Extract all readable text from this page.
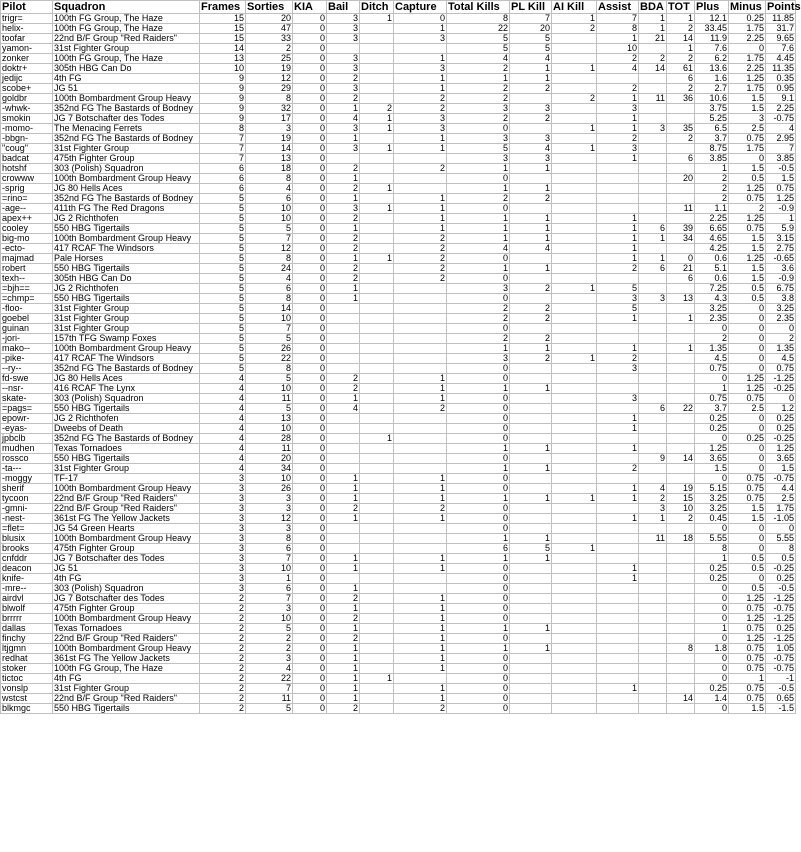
Pilot	Squadron	Frames	Sorties	KIA	Bail	Ditch	Capture	Total Kills	PL Kill	AI Kill	Assist	BDA	TOT	Plus	Minus	Points
trigr=	100th FG Group, The Haze	15	20	0	3	1	0	8	7	1	7	1	1	12.1	0.25	11.85
helix-	100th FG Group, The Haze	15	47	0	3		1	22	20	2	8	1	2	33.45	1.75	31.7
toofar	22nd B/F Group "Red Raiders"	15	33	0	3		3	5	5		1	21	14	11.9	2.25	9.65
yamon-	31st Fighter Group	14	2	0				5	5		10		1	7.6	0	7.6
zonker	100th FG Group, The Haze	13	25	0	3		1	4	4		2	2	2	6.2	1.75	4.45
doktr+	305th HBG Can Do	10	19	0	3		3	2	1	1	4	14	61	13.6	2.25	11.35
jedijc	4th FG	9	12	0	2		1	1	1				6	1.6	1.25	0.35
scobe+	JG 51	9	29	0	3		1	2	2		2		2	2.7	1.75	0.95
goldbr	100th Bombardment Group Heavy	9	8	0	2		2	2		2	1	11	36	10.6	1.5	9.1
-whwk-	352nd FG The Bastards of Bodney	9	32	0	1	2	2	3	3		3			3.75	1.5	2.25
smokin	JG 7 Botschafter des Todes	9	17	0	4	1	3	2	2		1			5.25	3	-0.75
-momo-	The Menacing Ferrets	8	3	0	3	1	3	0		1	1	3	35	6.5	2.5	4
-bbgn-	352nd FG The Bastards of Bodney	7	19	0	1		1	3	3		2		2	3.7	0.75	2.95
"coug"	31st Fighter Group	7	14	0	3	1	1	5	4	1	3			8.75	1.75	7
badcat	475th Fighter Group	7	13	0				3	3		1		6	3.85	0	3.85
hotshf	303 (Polish) Squadron	6	18	0	2		2	1	1					1	1.5	-0.5
crowww	100th Bombardment Group Heavy	6	8	0	1			0					20	2	0.5	1.5
-sprig	JG 80 Hells Aces	6	4	0	2	1		1	1					2	1.25	0.75
=rino=	352nd FG The Bastards of Bodney	5	6	0	1		1	2	2					2	0.75	1.25
-age--	411th FG The Red Dragons	5	10	0	3	1	1	0					11	1.1	2	-0.9
apex++	JG 2 Richthofen	5	10	0	2		1	1	1		1			2.25	1.25	1
cooley	550 HBG Tigertails	5	5	0	1		1	1	1		1	6	39	6.65	0.75	5.9
big-mo	100th Bombardment Group Heavy	5	7	0	2		2	1	1		1	1	34	4.65	1.5	3.15
-ecto-	417 RCAF The Windsors	5	12	0	2		2	4	4		1			4.25	1.5	2.75
majmad	Pale Horses	5	8	0	1	1	2	0			1	1	0	0.6	1.25	-0.65
robert	550 HBG Tigertails	5	24	0	2		2	1	1		2	6	21	5.1	1.5	3.6
texh--	305th HBG Can Do	5	4	0	2		2	0					6	0.6	1.5	-0.9
=bjh==	JG 2 Richthofen	5	6	0	1			3	2	1	5			7.25	0.5	6.75
=chmp=	550 HBG Tigertails	5	8	0	1			0			3	3	13	4.3	0.5	3.8
-floo-	31st Fighter Group	5	14	0				2	2		5			3.25	0	3.25
goebel	31st Fighter Group	5	10	0				2	2		1		1	2.35	0	2.35
guinan	31st Fighter Group	5	7	0				0						0	0	0
-jori-	157th TFG Swamp Foxes	5	5	0				2	2					2	0	2
mako--	100th Bombardment Group Heavy	5	26	0				1	1		1		1	1.35	0	1.35
-pike-	417 RCAF The Windsors	5	22	0				3	2	1	2			4.5	0	4.5
--ry--	352nd FG The Bastards of Bodney	5	8	0				0			3			0.75	0	0.75
fd-swe	JG 80 Hells Aces	4	5	0	2		1	0						0	1.25	-1.25
--nsr-	416 RCAF The Lynx	4	10	0	2		1	1	1					1	1.25	-0.25
skate-	303 (Polish) Squadron	4	11	0	1		1	0			3			0.75	0.75	0
=pags=	550 HBG Tigertails	4	5	0	4		2	0				6	22	3.7	2.5	1.2
epowr-	JG 2 Richthofen	4	13	0				0			1			0.25	0	0.25
-eyas-	Dweebs of Death	4	10	0				0			1			0.25	0	0.25
jpbclb	352nd FG The Bastards of Bodney	4	28	0		1		0						0	0.25	-0.25
mudhen	Texas Tornadoes	4	11	0				1	1		1			1.25	0	1.25
rossco	550 HBG Tigertails	4	20	0				0				9	14	3.65	0	3.65
-ta---	31st Fighter Group	4	34	0				1	1		2			1.5	0	1.5
-moggy	TF-17	3	10	0	1		1	0						0	0.75	-0.75
sherif	100th Bombardment Group Heavy	3	26	0	1		1	0			1	4	19	5.15	0.75	4.4
tycoon	22nd B/F Group "Red Raiders"	3	3	0	1		1	1	1	1	1	2	15	3.25	0.75	2.5
-gmni-	22nd B/F Group "Red Raiders"	3	3	0	2		2	0				3	10	3.25	1.5	1.75
-nest-	361st FG The Yellow Jackets	3	12	0	1		1	0			1	1	2	0.45	1.5	-1.05
=flet=	JG 54 Green Hearts	3	3	0				0						0	0	0
blusix	100th Bombardment Group Heavy	3	8	0				1	1			11	18	5.55	0	5.55
brooks	475th Fighter Group	3	6	0				6	5	1				8	0	8
cnfddr	JG 7 Botschafter des Todes	3	7	0	1		1	1	1					1	0.5	0.5
deacon	JG 51	3	10	0	1		1	0			1			0.25	0.5	-0.25
knife-	4th FG	3	1	0				0			1			0.25	0	0.25
-mre--	303 (Polish) Squadron	3	6	0	1			0						0	0.5	-0.5
airdvl	JG 7 Botschafter des Todes	2	7	0	2		1	0						0	1.25	-1.25
blwolf	475th Fighter Group	2	3	0	1		1	0						0	0.75	-0.75
brrrrr	100th Bombardment Group Heavy	2	10	0	2		1	0						0	1.25	-1.25
dallas	Texas Tornadoes	2	5	0	1		1	1	1					1	0.75	0.25
finchy	22nd B/F Group "Red Raiders"	2	2	0	2		1	0						0	1.25	-1.25
ltjgmn	100th Bombardment Group Heavy	2	2	0	1		1	1	1				8	1.8	0.75	1.05
redhat	361st FG The Yellow Jackets	2	3	0	1		1	0						0	0.75	-0.75
stoker	100th FG Group, The Haze	2	4	0	1		1	0						0	0.75	-0.75
tictoc	4th FG	2	22	0	1	1		0						0	1	-1
vonslp	31st Fighter Group	2	7	0	1		1	0			1			0.25	0.75	-0.5
wstcst	22nd B/F Group "Red Raiders"	2	11	0	1		1	0					14	1.4	0.75	0.65
blkmgc	550 HBG Tigertails	2	5	0	2		2	0						0	1.5	-1.5
